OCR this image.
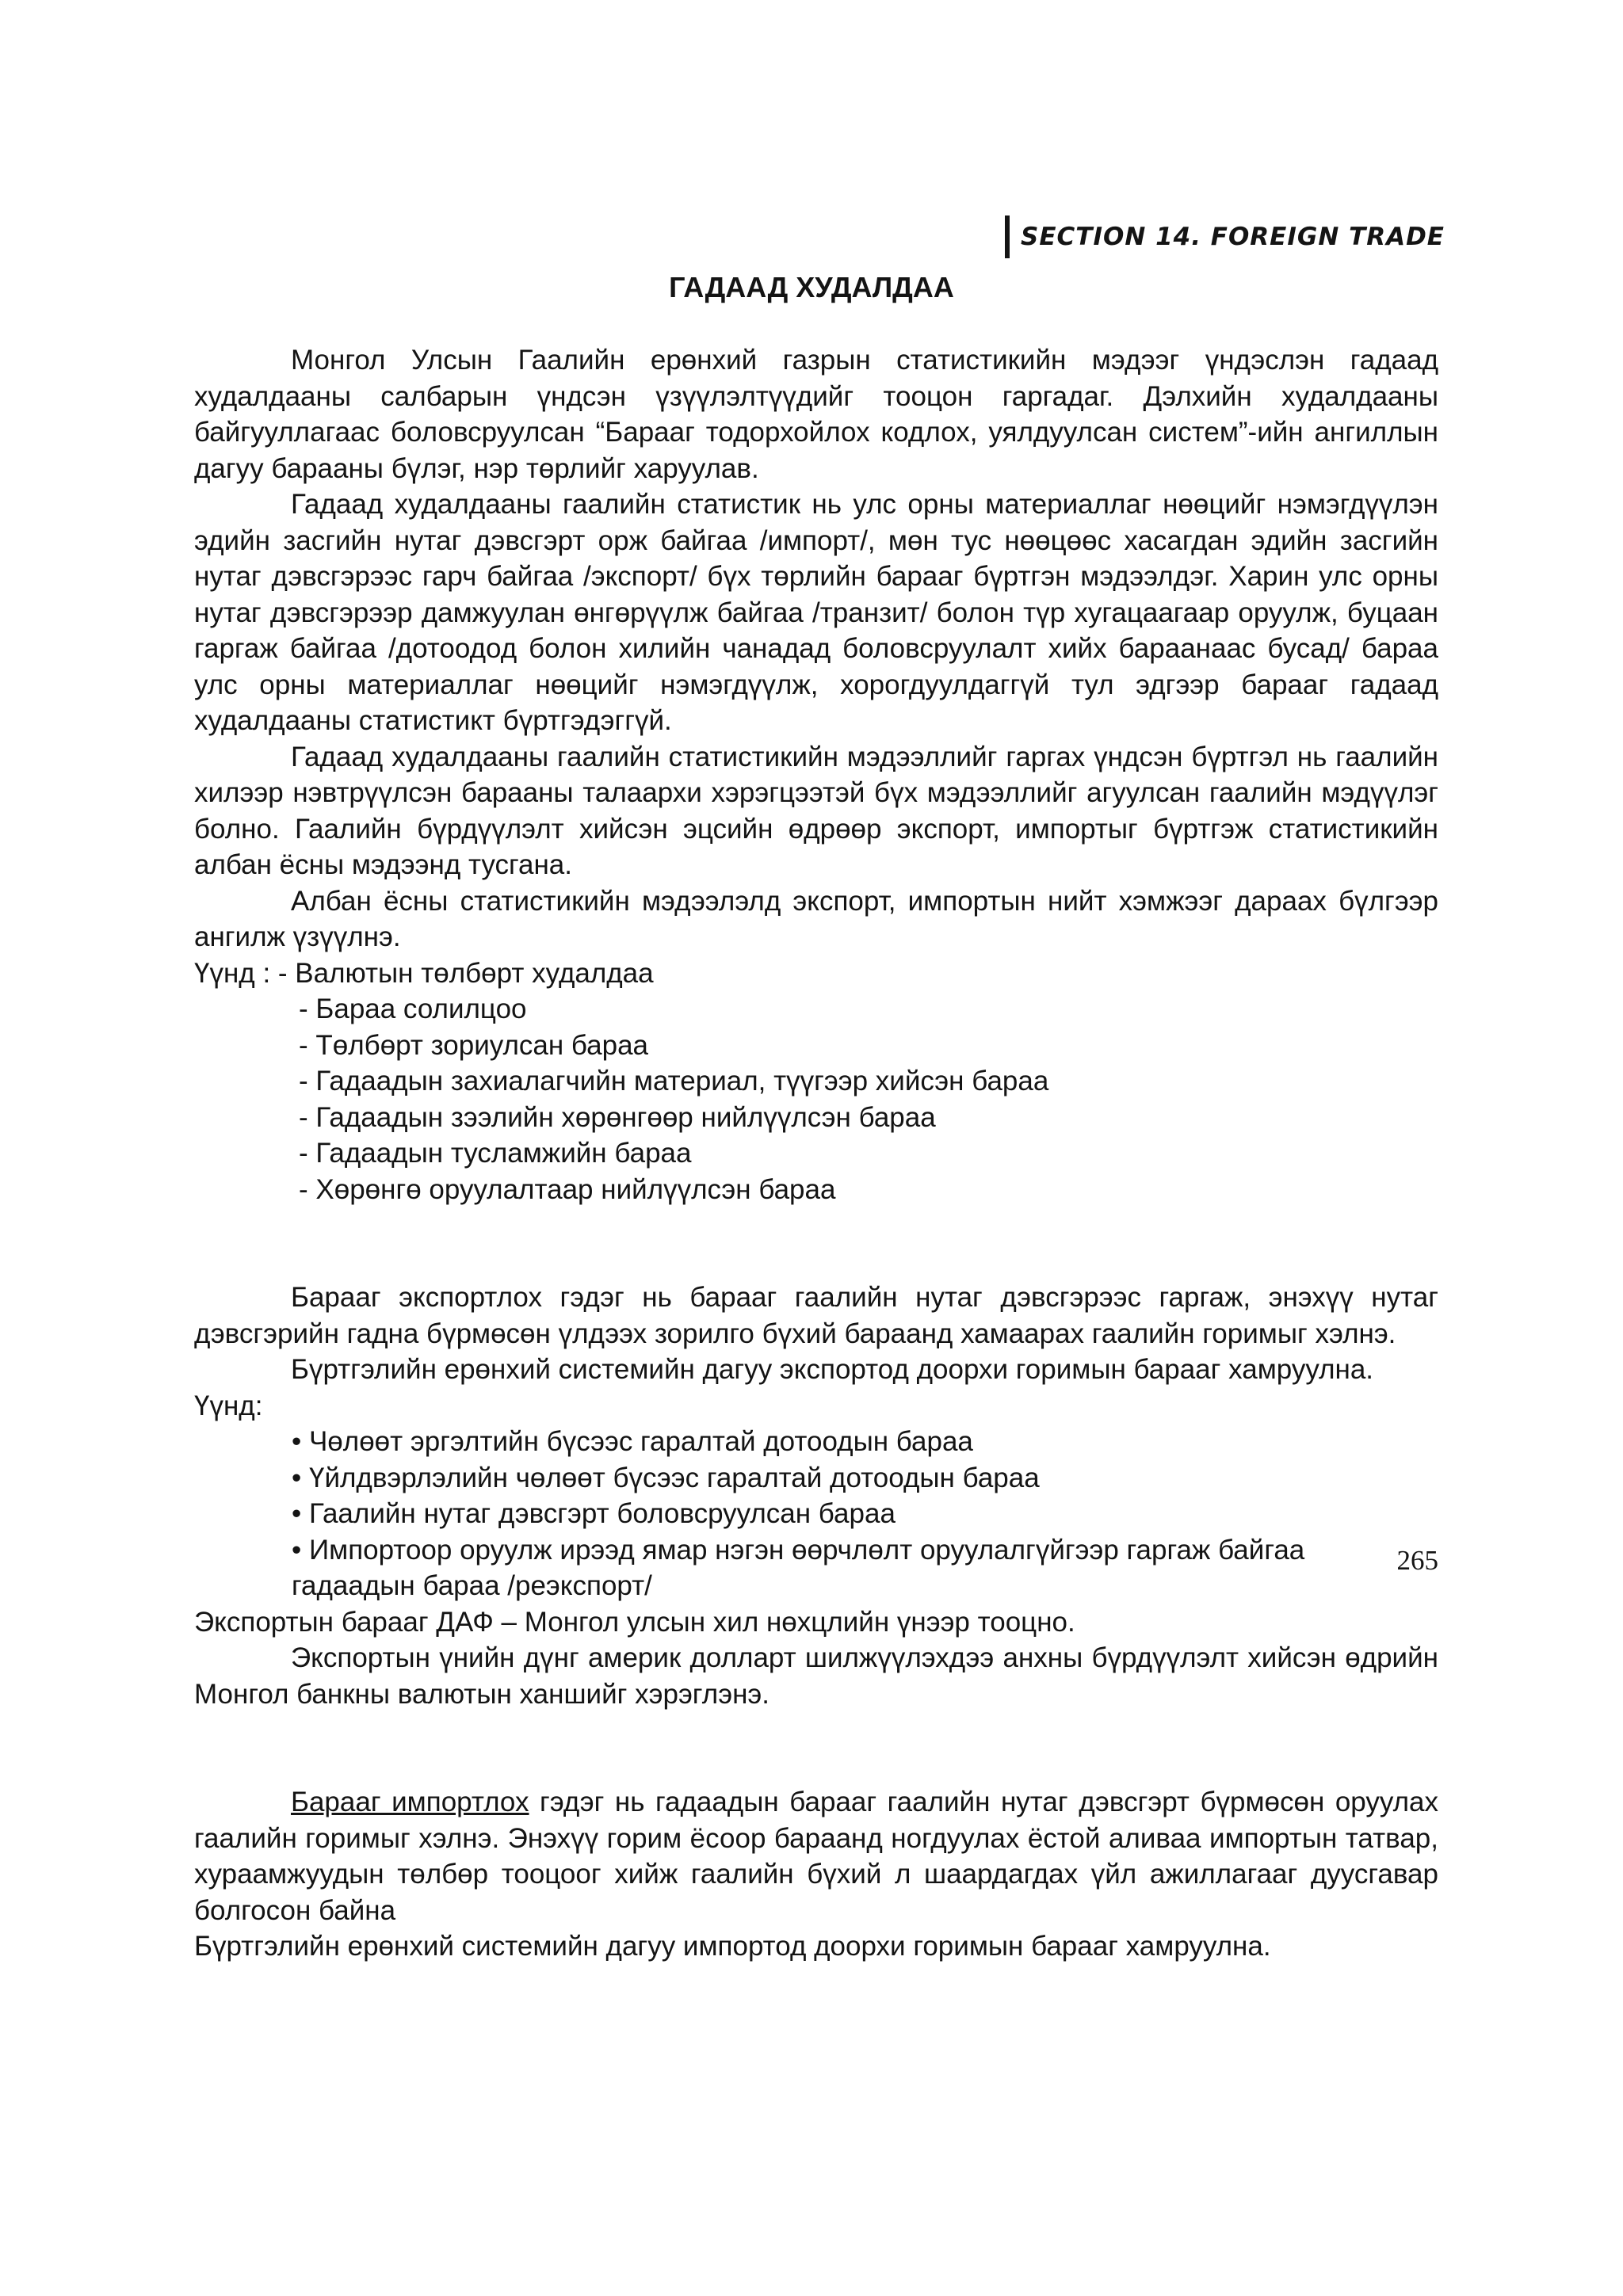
SECTION 14. FOREIGN TRADE
ГАДААД ХУДАЛДАА

Монгол Улсын Гаалийн ерөнхий газрын статистикийн мэдээг үндэслэн гадаад худалдааны салбарын үндсэн үзүүлэлтүүдийг тооцон гаргадаг. Дэлхийн худалдааны байгууллагаас боловсруулсан “Барааг тодорхойлох кодлох, уялдуулсан систем”-ийн ангиллын дагуу барааны бүлэг, нэр төрлийг харуулав.

Гадаад худалдааны гаалийн статистик нь улс орны материаллаг нөөцийг нэмэгдүүлэн эдийн засгийн нутаг дэвсгэрт орж байгаа /импорт/, мөн тус нөөцөөс хасагдан эдийн засгийн нутаг дэвсгэрээс гарч байгаа /экспорт/ бүх төрлийн барааг бүртгэн мэдээлдэг. Харин улс орны нутаг дэвсгэрээр дамжуулан өнгөрүүлж байгаа /транзит/ болон түр хугацаагаар оруулж, буцаан гаргаж байгаа /дотоодод болон хилийн чанадад боловсруулалт хийх бараанаас бусад/ бараа улс орны материаллаг нөөцийг нэмэгдүүлж, хорогдуулдаггүй тул эдгээр барааг гадаад худалдааны статистикт бүртгэдэггүй.

Гадаад худалдааны гаалийн статистикийн мэдээллийг гаргах үндсэн бүртгэл нь гаалийн хилээр нэвтрүүлсэн барааны талаархи хэрэгцээтэй бүх мэдээллийг агуулсан гаалийн мэдүүлэг болно. Гаалийн бүрдүүлэлт хийсэн эцсийн өдрөөр экспорт, импортыг бүртгэж статистикийн албан ёсны мэдээнд тусгана.

Албан ёсны статистикийн мэдээлэлд экспорт, импортын нийт хэмжээг дараах бүлгээр ангилж үзүүлнэ.

Үүнд : - Валютын төлбөрт худалдаа

- Бараа солилцоо

- Төлбөрт зориулсан бараа

- Гадаадын захиалагчийн материал, түүгээр хийсэн бараа

- Гадаадын зээлийн хөрөнгөөр нийлүүлсэн бараа

- Гадаадын тусламжийн бараа

- Хөрөнгө оруулалтаар нийлүүлсэн бараа

Барааг экспортлох гэдэг нь барааг гаалийн нутаг дэвсгэрээс гаргаж, энэхүү нутаг дэвсгэрийн гадна бүрмөсөн үлдээх зорилго бүхий бараанд хамаарах гаалийн горимыг хэлнэ.

Бүртгэлийн ерөнхий системийн дагуу экспортод доорхи горимын барааг хамруулна.

Үүнд:

• Чөлөөт эргэлтийн бүсээс гаралтай дотоодын бараа

• Үйлдвэрлэлийн чөлөөт бүсээс гаралтай дотоодын бараа

• Гаалийн нутаг дэвсгэрт боловсруулсан бараа

• Импортоор оруулж ирээд ямар нэгэн өөрчлөлт оруулалгүйгээр гаргаж байгаа

гадаадын бараа /реэкспорт/

Экспортын барааг ДАФ – Монгол улсын хил нөхцлийн үнээр тооцно.

Экспортын үнийн дүнг америк долларт шилжүүлэхдээ анхны бүрдүүлэлт хийсэн өдрийн Монгол банкны валютын ханшийг хэрэглэнэ.

Барааг импортлох гэдэг нь гадаадын барааг гаалийн нутаг дэвсгэрт бүрмөсөн оруулах гаалийн горимыг хэлнэ. Энэхүү горим ёсоор бараанд ногдуулах ёстой аливаа импортын татвар, хураамжуудын төлбөр тооцоог хийж гаалийн бүхий л шаардагдах үйл ажиллагааг дуусгавар болгосон байна

Бүртгэлийн ерөнхий системийн дагуу импортод доорхи горимын барааг хамруулна.

265
